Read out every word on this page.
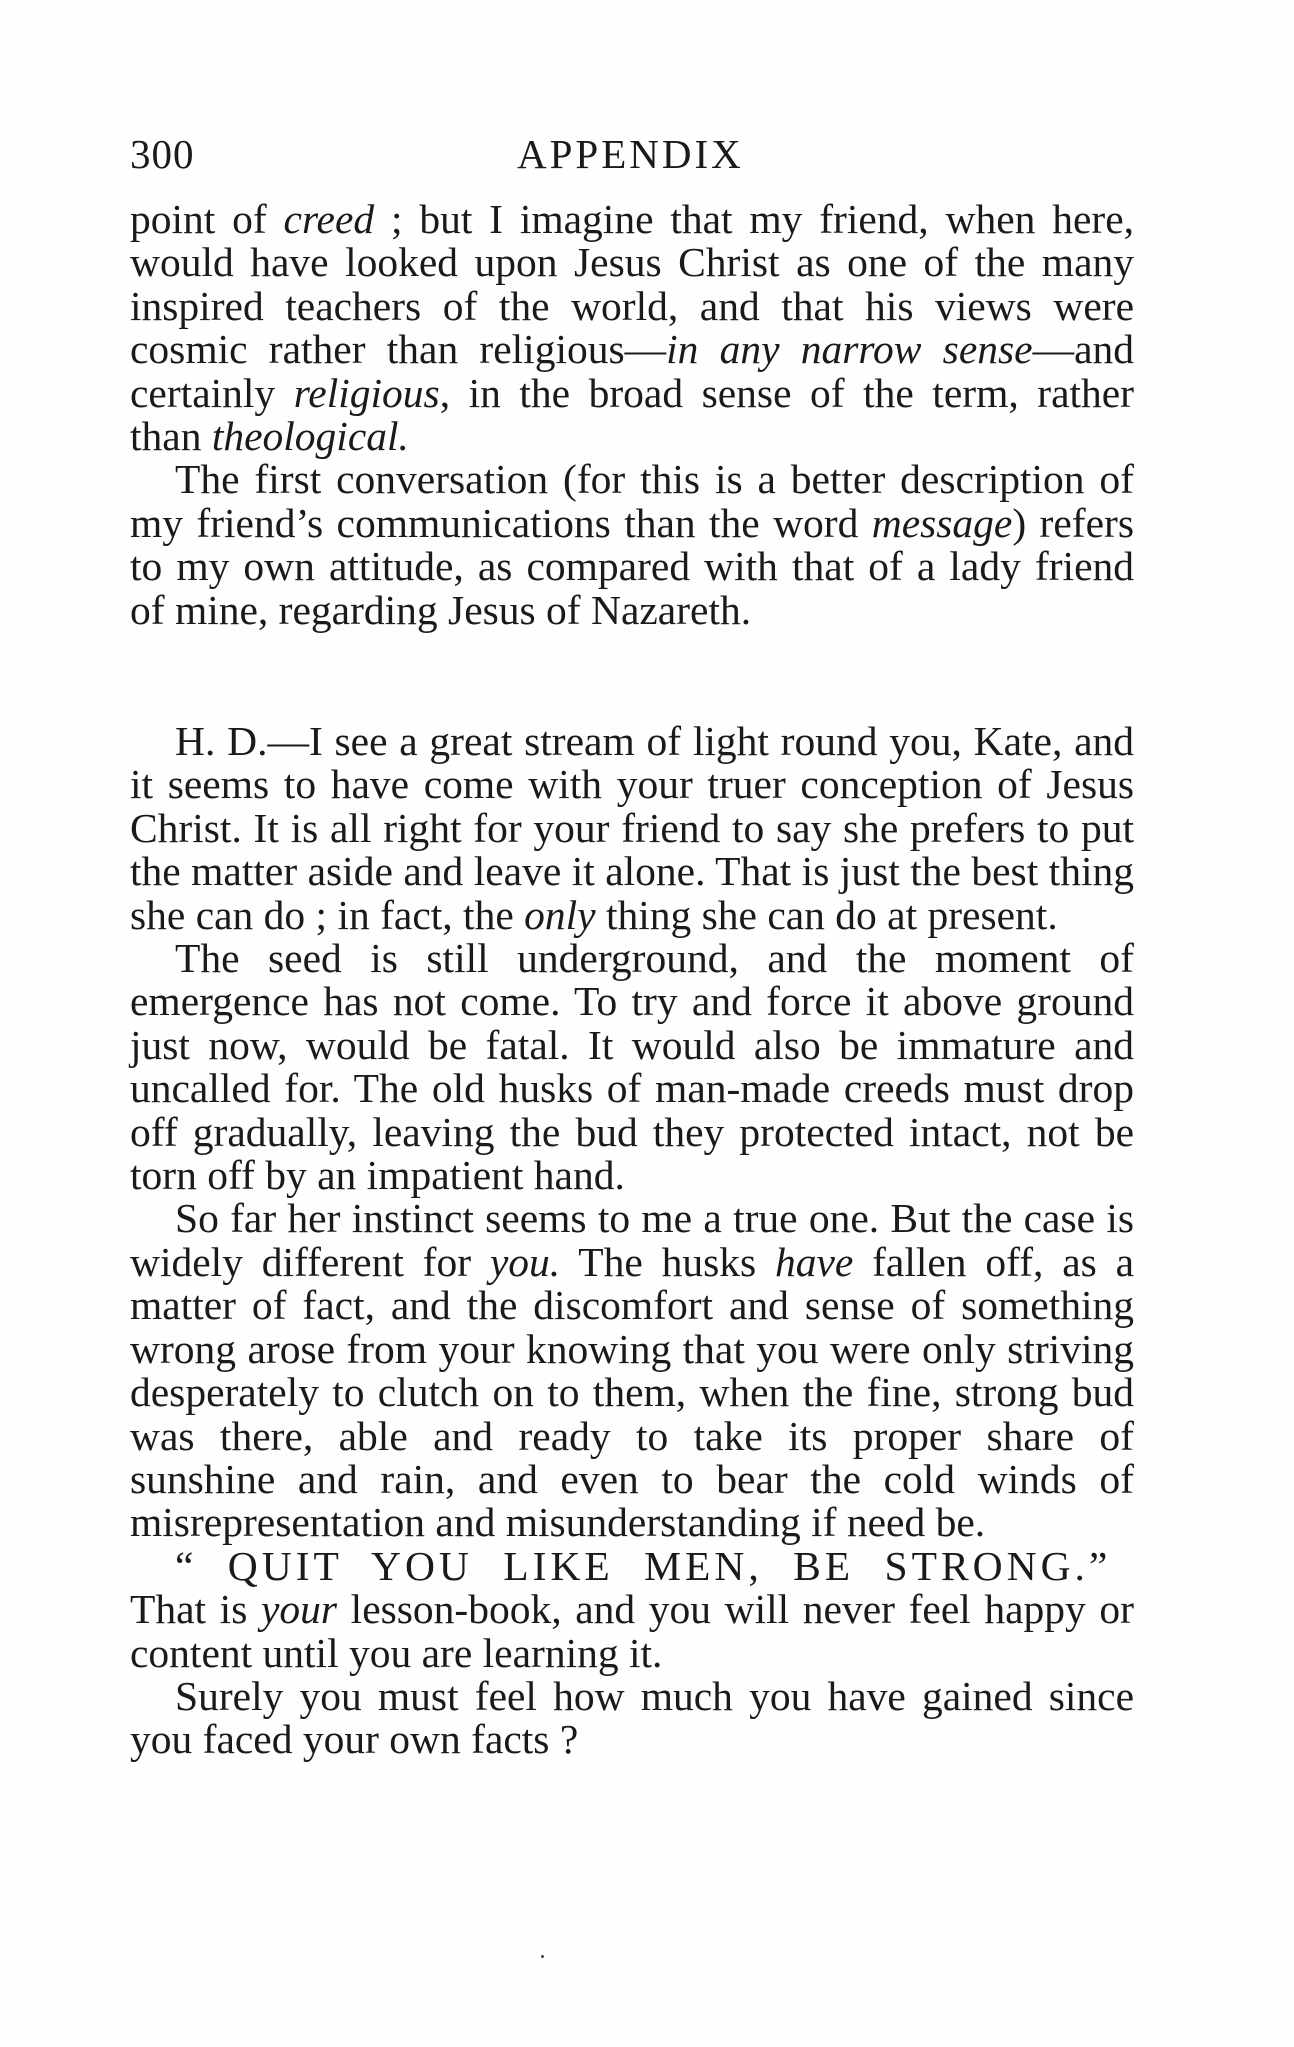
300	APPENDIX

point of creed ; but I imagine that my friend, when here, would have looked upon Jesus Christ as one of the many inspired teachers of the world, and that his views were cosmic rather than religious—in any narrow sense—and certainly religious, in the broad sense of the term, rather than theological.

The first conversation (for this is a better description of my friend’s communications than the word message) refers to my own attitude, as compared with that of a lady friend of mine, regarding Jesus of Nazareth.

H. D.—I see a great stream of light round you, Kate, and it seems to have come with your truer conception of Jesus Christ. It is all right for your friend to say she prefers to put the matter aside and leave it alone. That is just the best thing she can do ; in fact, the only thing she can do at present.

The seed is still underground, and the moment of emergence has not come. To try and force it above ground just now, would be fatal. It would also be immature and uncalled for. The old husks of man-made creeds must drop off gradually, leaving the bud they protected intact, not be torn off by an impatient hand.

So far her instinct seems to me a true one. But the case is widely different for you. The husks have fallen off, as a matter of fact, and the discomfort and sense of something wrong arose from your knowing that you were only striving desperately to clutch on to them, when the fine, strong bud was there, able and ready to take its proper share of sunshine and rain, and even to bear the cold winds of misrepresentation and misunderstanding if need be.

“ QUIT YOU LIKE MEN, BE STRONG.”
That is your lesson-book, and you will never feel happy or content until you are learning it.

Surely you must feel how much you have gained since you faced your own facts ?
